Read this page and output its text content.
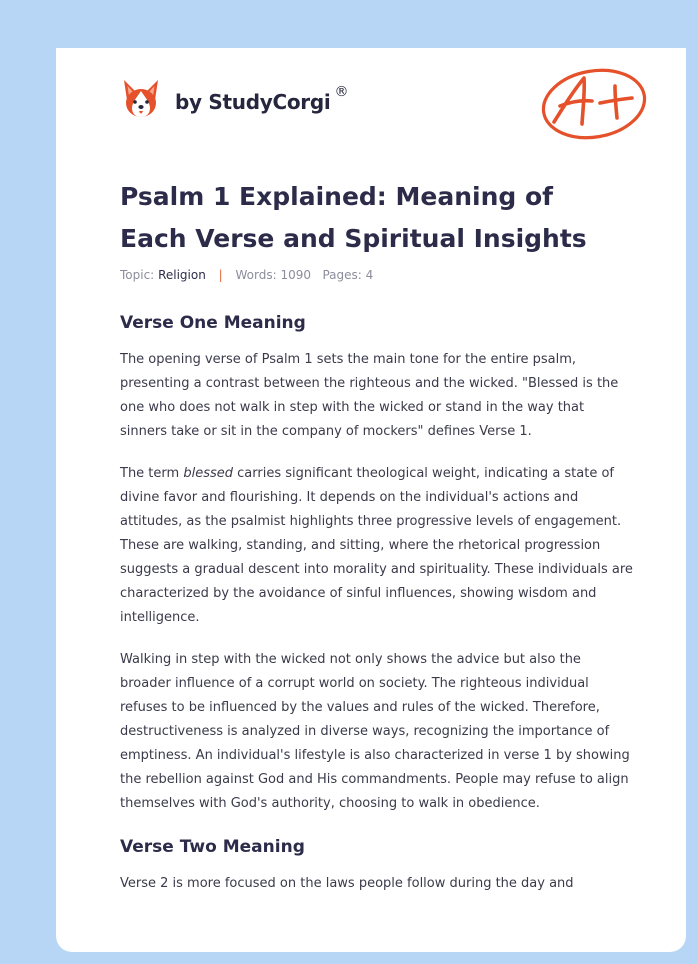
by StudyCorgi ®
Psalm 1 Explained: Meaning of Each Verse and Spiritual Insights
Topic: Religion | Words: 1090 Pages: 4
Verse One Meaning

The opening verse of Psalm 1 sets the main tone for the entire psalm, presenting a contrast between the righteous and the wicked. "Blessed is the one who does not walk in step with the wicked or stand in the way that sinners take or sit in the company of mockers" defines Verse 1.

The term blessed carries significant theological weight, indicating a state of divine favor and flourishing. It depends on the individual's actions and attitudes, as the psalmist highlights three progressive levels of engagement. These are walking, standing, and sitting, where the rhetorical progression suggests a gradual descent into morality and spirituality. These individuals are characterized by the avoidance of sinful influences, showing wisdom and intelligence.

Walking in step with the wicked not only shows the advice but also the broader influence of a corrupt world on society. The righteous individual refuses to be influenced by the values and rules of the wicked. Therefore, destructiveness is analyzed in diverse ways, recognizing the importance of emptiness. An individual's lifestyle is also characterized in verse 1 by showing the rebellion against God and His commandments. People may refuse to align themselves with God's authority, choosing to walk in obedience.

Verse Two Meaning

Verse 2 is more focused on the laws people follow during the day and
